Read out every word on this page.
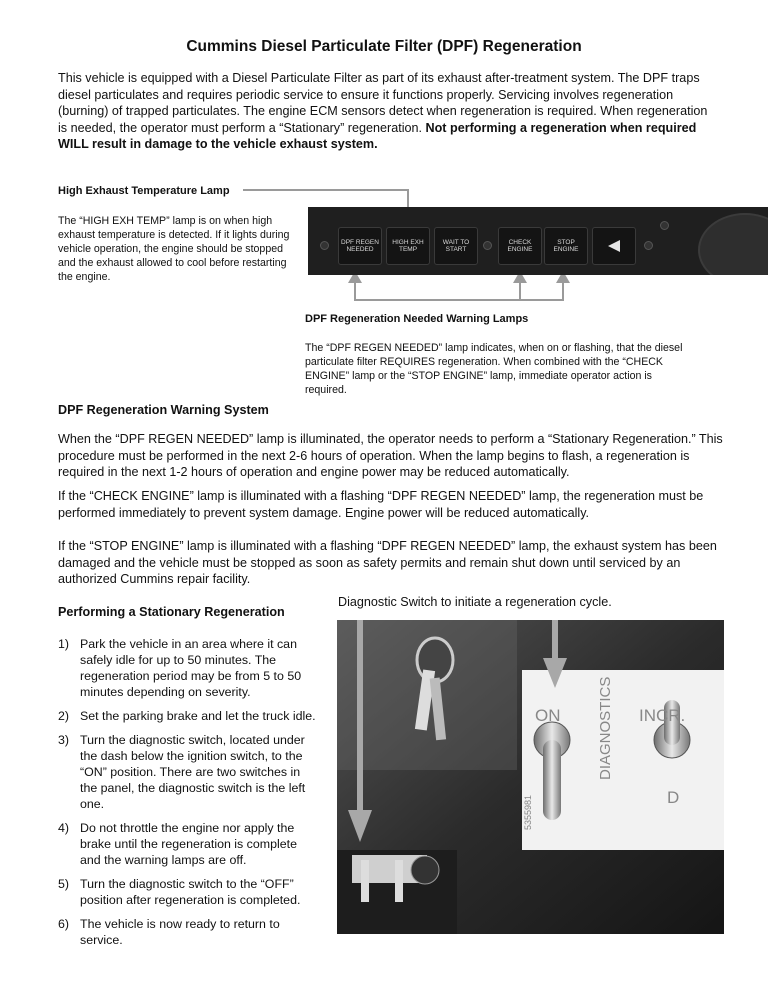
Cummins Diesel Particulate Filter (DPF) Regeneration
This vehicle is equipped with a Diesel Particulate Filter as part of its exhaust after-treatment system. The DPF traps diesel particulates and requires periodic service to ensure it functions properly. Servicing involves regeneration (burning) of trapped particulates. The engine ECM sensors detect when regeneration is required. When regeneration is needed, the operator must perform a “Stationary” regeneration. Not performing a regeneration when required WILL result in damage to the vehicle exhaust system.
High Exhaust Temperature Lamp
The “HIGH EXH TEMP” lamp is on when high exhaust temperature is detected. If it lights during vehicle operation, the engine should be stopped and the exhaust allowed to cool before restarting the engine.
DPF REGEN NEEDED
HIGH EXH TEMP
WAIT TO START
CHECK ENGINE
STOP ENGINE
DPF Regeneration Needed Warning Lamps
The “DPF REGEN NEEDED” lamp indicates, when on or flashing, that the diesel particulate filter REQUIRES regeneration. When combined with the “CHECK ENGINE” lamp or the “STOP ENGINE” lamp, immediate operator action is required.
DPF Regeneration Warning System
When the “DPF REGEN NEEDED” lamp is illuminated, the operator needs to perform a “Stationary Regeneration.” This procedure must be performed in the next 2-6 hours of operation. When the lamp begins to flash, a regeneration is required in the next 1-2 hours of operation and engine power may be reduced automatically.
If the “CHECK ENGINE” lamp is illuminated with a flashing “DPF REGEN NEEDED” lamp, the regeneration must be performed immediately to prevent system damage. Engine power will be reduced automatically.
If the “STOP ENGINE” lamp is illuminated with a flashing “DPF REGEN NEEDED” lamp, the exhaust system has been damaged and the vehicle must be stopped as soon as safety permits and remain shut down until serviced by an authorized Cummins repair facility.
Diagnostic Switch to initiate a regeneration cycle.
Performing a Stationary Regeneration
1) Park the vehicle in an area where it can safely idle for up to 50 minutes. The regeneration period may be from 5 to 50 minutes depending on severity.
2) Set the parking brake and let the truck idle.
3) Turn the diagnostic switch, located under the dash below the ignition switch, to the “ON” position. There are two switches in the panel, the diagnostic switch is the left one.
4) Do not throttle the engine nor apply the brake until the regeneration is complete and the warning lamps are off.
5) Turn the diagnostic switch to the “OFF” position after regeneration is completed.
6) The vehicle is now ready to return to service.
ON DIAGNOSTICS INCR.
D
5355981
